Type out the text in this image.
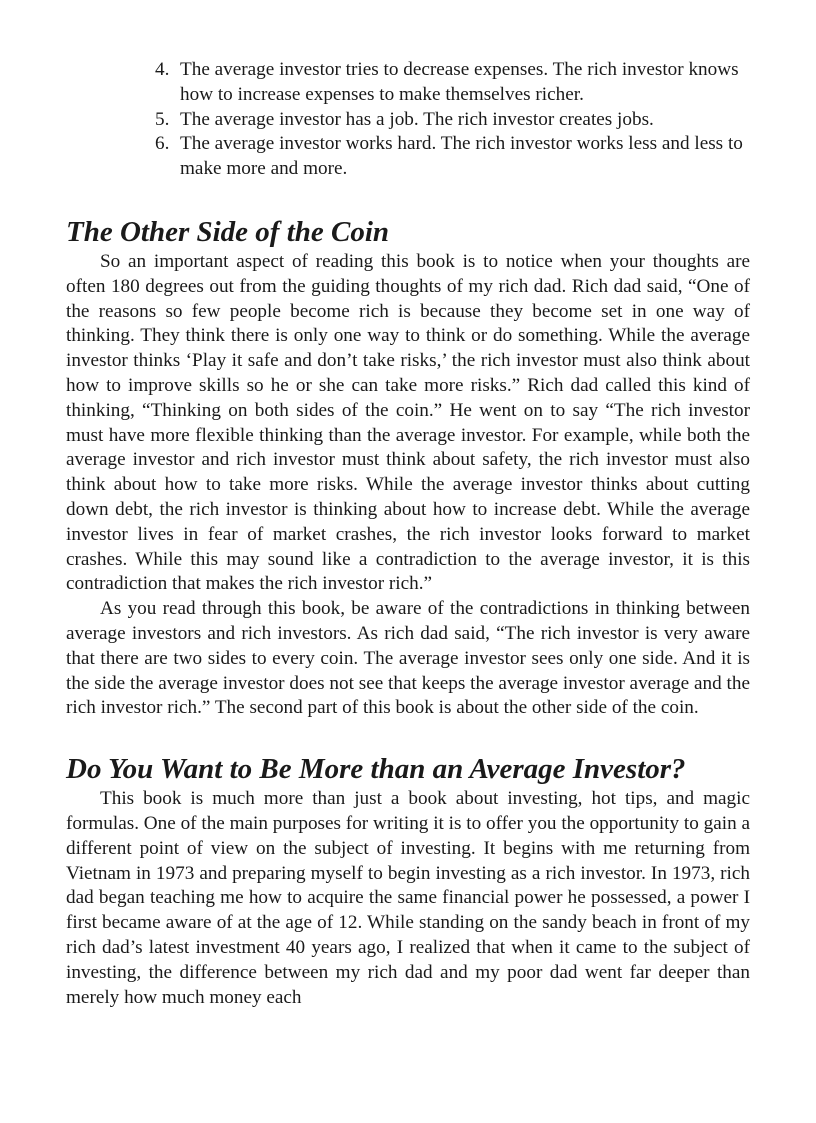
4. The average investor tries to decrease expenses. The rich investor knows how to increase expenses to make themselves richer.
5. The average investor has a job. The rich investor creates jobs.
6. The average investor works hard. The rich investor works less and less to make more and more.
The Other Side of the Coin

So an important aspect of reading this book is to notice when your thoughts are often 180 degrees out from the guiding thoughts of my rich dad. Rich dad said, “One of the reasons so few people become rich is because they become set in one way of thinking. They think there is only one way to think or do something. While the average investor thinks ‘Play it safe and don’t take risks,’ the rich investor must also think about how to improve skills so he or she can take more risks.” Rich dad called this kind of thinking, “Thinking on both sides of the coin.” He went on to say “The rich investor must have more flexible thinking than the average investor. For example, while both the average investor and rich investor must think about safety, the rich investor must also think about how to take more risks. While the average investor thinks about cutting down debt, the rich investor is thinking about how to increase debt. While the average investor lives in fear of market crashes, the rich investor looks forward to market crashes. While this may sound like a contradiction to the average investor, it is this contradiction that makes the rich investor rich.”

As you read through this book, be aware of the contradictions in thinking between average investors and rich investors. As rich dad said, “The rich investor is very aware that there are two sides to every coin. The average investor sees only one side. And it is the side the average investor does not see that keeps the average investor average and the rich investor rich.” The second part of this book is about the other side of the coin.

Do You Want to Be More than an Average Investor?

This book is much more than just a book about investing, hot tips, and magic formulas. One of the main purposes for writing it is to offer you the opportunity to gain a different point of view on the subject of investing. It begins with me returning from Vietnam in 1973 and preparing myself to begin investing as a rich investor. In 1973, rich dad began teaching me how to acquire the same financial power he possessed, a power I first became aware of at the age of 12. While standing on the sandy beach in front of my rich dad’s latest investment 40 years ago, I realized that when it came to the subject of investing, the difference between my rich dad and my poor dad went far deeper than merely how much money each
